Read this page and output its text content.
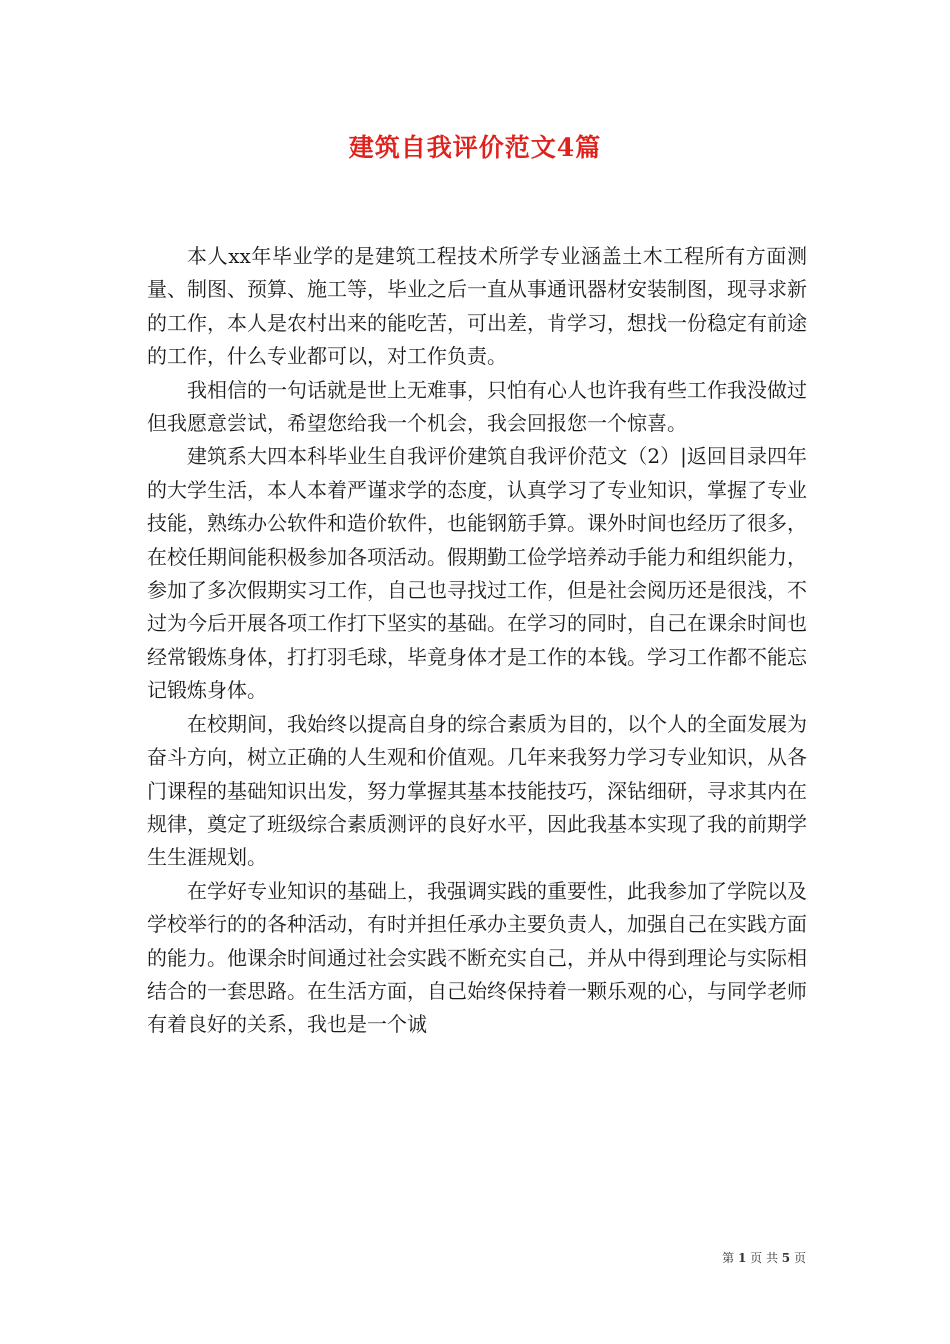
建筑自我评价范文4篇

本人xx年毕业学的是建筑工程技术所学专业涵盖土木工程所有方面测量、制图、预算、施工等，毕业之后一直从事通讯器材安装制图，现寻求新的工作，本人是农村出来的能吃苦，可出差，肯学习，想找一份稳定有前途的工作，什么专业都可以，对工作负责。

我相信的一句话就是世上无难事，只怕有心人也许我有些工作我没做过但我愿意尝试，希望您给我一个机会，我会回报您一个惊喜。

建筑系大四本科毕业生自我评价建筑自我评价范文（2）|返回目录四年的大学生活，本人本着严谨求学的态度，认真学习了专业知识，掌握了专业技能，熟练办公软件和造价软件，也能钢筋手算。课外时间也经历了很多，在校任期间能积极参加各项活动。假期勤工俭学培养动手能力和组织能力，参加了多次假期实习工作，自己也寻找过工作，但是社会阅历还是很浅，不过为今后开展各项工作打下坚实的基础。在学习的同时，自己在课余时间也经常锻炼身体，打打羽毛球，毕竟身体才是工作的本钱。学习工作都不能忘记锻炼身体。

在校期间，我始终以提高自身的综合素质为目的，以个人的全面发展为奋斗方向，树立正确的人生观和价值观。几年来我努力学习专业知识，从各门课程的基础知识出发，努力掌握其基本技能技巧，深钻细研，寻求其内在规律，奠定了班级综合素质测评的良好水平，因此我基本实现了我的前期学生生涯规划。

在学好专业知识的基础上，我强调实践的重要性，此我参加了学院以及学校举行的的各种活动，有时并担任承办主要负责人，加强自己在实践方面的能力。他课余时间通过社会实践不断充实自己，并从中得到理论与实际相结合的一套思路。在生活方面，自己始终保持着一颗乐观的心，与同学老师有着良好的关系，我也是一个诚

第 1 页 共 5 页
